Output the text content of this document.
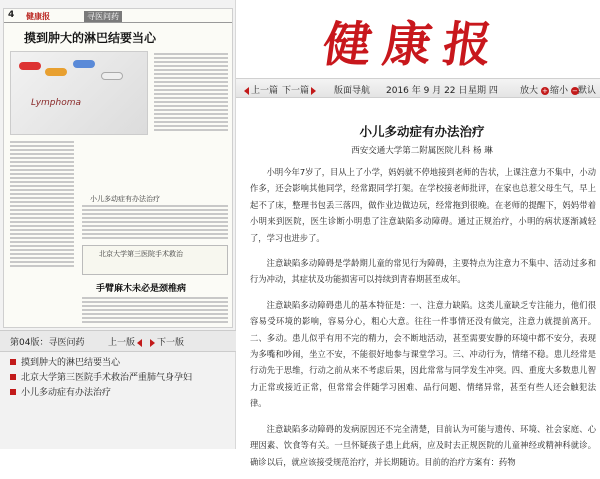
4 健康报	寻医问药
摸到肿大的淋巴结要当心
Lymphoma
小儿多动症有办法治疗
北京大学第三医院手术救治
手臂麻木未必是颈椎病
第04版：寻医问药	上一版	下一版
摸到肿大的淋巴结要当心
北京大学第三医院手术救治严重肺气身孕妇
小儿多动症有办法治疗
健康报
上一篇 下一篇	版面导航 2016 年 9 月 22 日 星期 四 放大 + 缩小 − 默认
小儿多动症有办法治疗
西安交通大学第二附属医院儿科 杨 琳

小明今年7岁了，目从上了小学，妈妈就不停地接到老师的告状，上课注意力不集中，小动作多，还会影响其他同学，经常跟同学打架。在学校接老师批评，在家也总惹父母生气，早上起不了床，整理书包丢三落四，做作业边做边玩，经常拖到很晚。在老师的提醒下，妈妈带着小明来到医院，医生诊断小明患了注意缺陷多动障碍。通过正规治疗，小明的病状逐渐减轻了，学习也进步了。

注意缺陷多动障碍是学龄期儿童的常见行为障碍，主要特点为注意力不集中、活动过多和行为冲动，其症状及功能损害可以持续到青春期甚至成年。

注意缺陷多动障碍患儿的基本特征是：一、注意力缺陷。这类儿童缺乏专注能力，他们很容易受环境的影响，容易分心，粗心大意。往往一件事情还没有做完，注意力就提前离开。二、多动。患儿似乎有用不完的精力，会不断地活动，甚至需要安静的环境中都不安分，表现为多嘴和吵闹，坐立不安，不能很好地参与课堂学习。三、冲动行为，情绪不稳。患儿经常是行动先于思维，行动之前从来不考虑后果，因此常常与同学发生冲突。四、重度大多数患儿智力正常或接近正常，但常常会伴随学习困难、品行问题、情绪异常，甚至有些人还会触犯法律。

注意缺陷多动障碍的发病原因还不完全清楚，目前认为可能与遗传、环境、社会家庭、心理因素、饮食等有关。一旦怀疑孩子患上此病，应及时去正规医院的儿童神经或精神科就诊。确诊以后，就应该接受规范治疗，并长期随访。目前的治疗方案有：药物
